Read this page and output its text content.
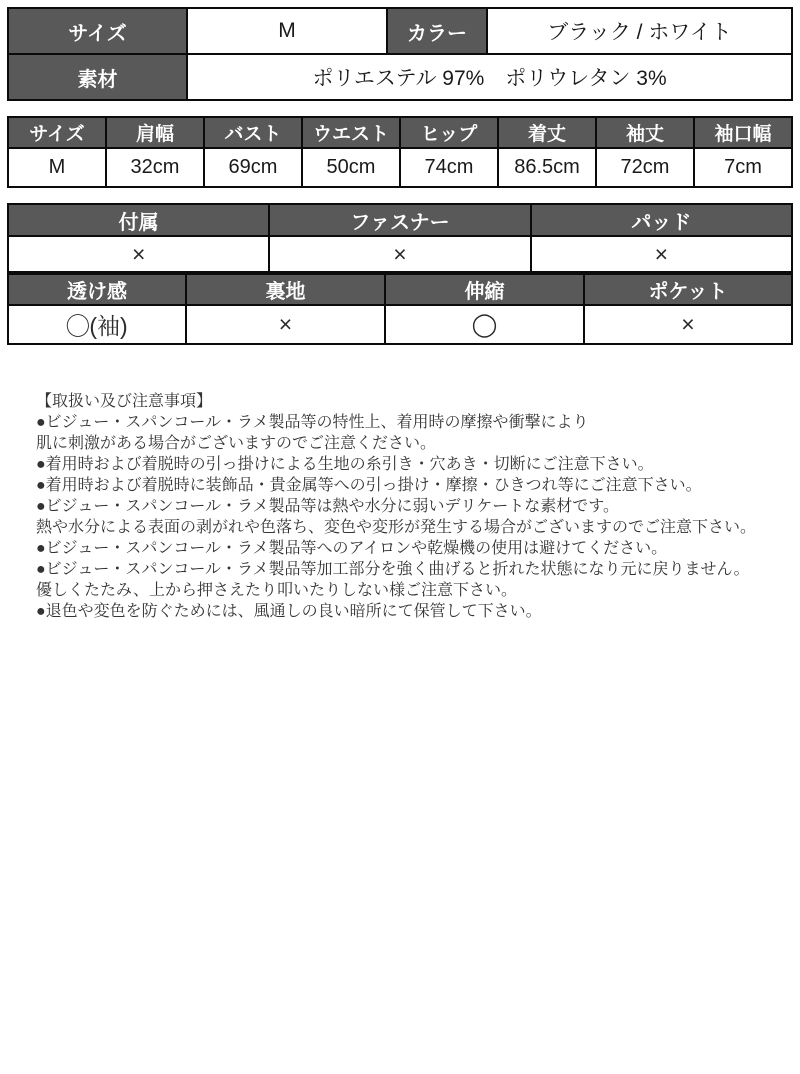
サイズ	M	カラー	ブラック / ホワイト
素材	ポリエステル 97%　ポリウレタン 3%		
サイズ	肩幅	バスト	ウエスト	ヒップ	着丈	袖丈	袖口幅
M	32cm	69cm	50cm	74cm	86.5cm	72cm	7cm
付属	ファスナー	パッド
×	×	×
透け感	裏地	伸縮	ポケット
◯(袖)	×	◯	×
【取扱い及び注意事項】
●ビジュー・スパンコール・ラメ製品等の特性上、着用時の摩擦や衝撃により
肌に刺激がある場合がございますのでご注意ください。
●着用時および着脱時の引っ掛けによる生地の糸引き・穴あき・切断にご注意下さい。
●着用時および着脱時に装飾品・貴金属等への引っ掛け・摩擦・ひきつれ等にご注意下さい。
●ビジュー・スパンコール・ラメ製品等は熱や水分に弱いデリケートな素材です。
熱や水分による表面の剥がれや色落ち、変色や変形が発生する場合がございますのでご注意下さい。
●ビジュー・スパンコール・ラメ製品等へのアイロンや乾燥機の使用は避けてください。
●ビジュー・スパンコール・ラメ製品等加工部分を強く曲げると折れた状態になり元に戻りません。
優しくたたみ、上から押さえたり叩いたりしない様ご注意下さい。
●退色や変色を防ぐためには、風通しの良い暗所にて保管して下さい。
